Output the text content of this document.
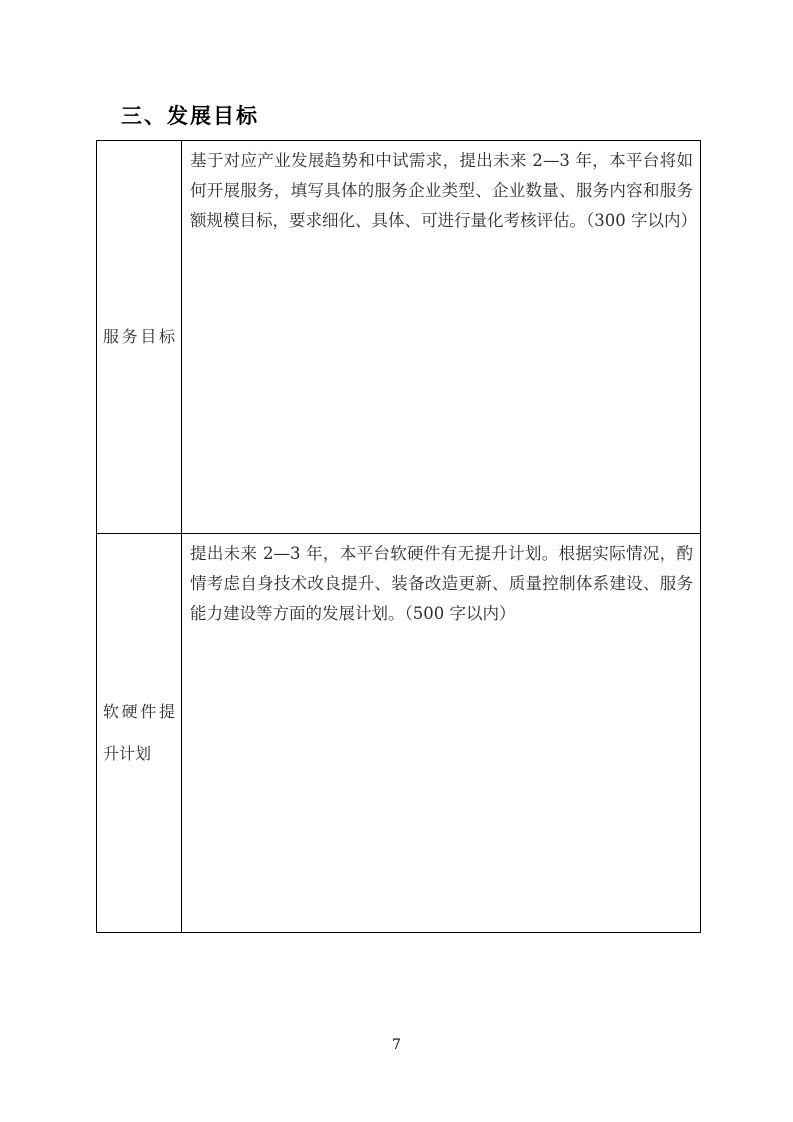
三、发展目标
服务目标
基于对应产业发展趋势和中试需求，提出未来 2—3 年，本平台将如何开展服务，填写具体的服务企业类型、企业数量、服务内容和服务额规模目标，要求细化、具体、可进行量化考核评估。（300 字以内）
软硬件提升计划
提出未来 2—3 年，本平台软硬件有无提升计划。根据实际情况，酌情考虑自身技术改良提升、装备改造更新、质量控制体系建设、服务能力建设等方面的发展计划。（500 字以内）
7
